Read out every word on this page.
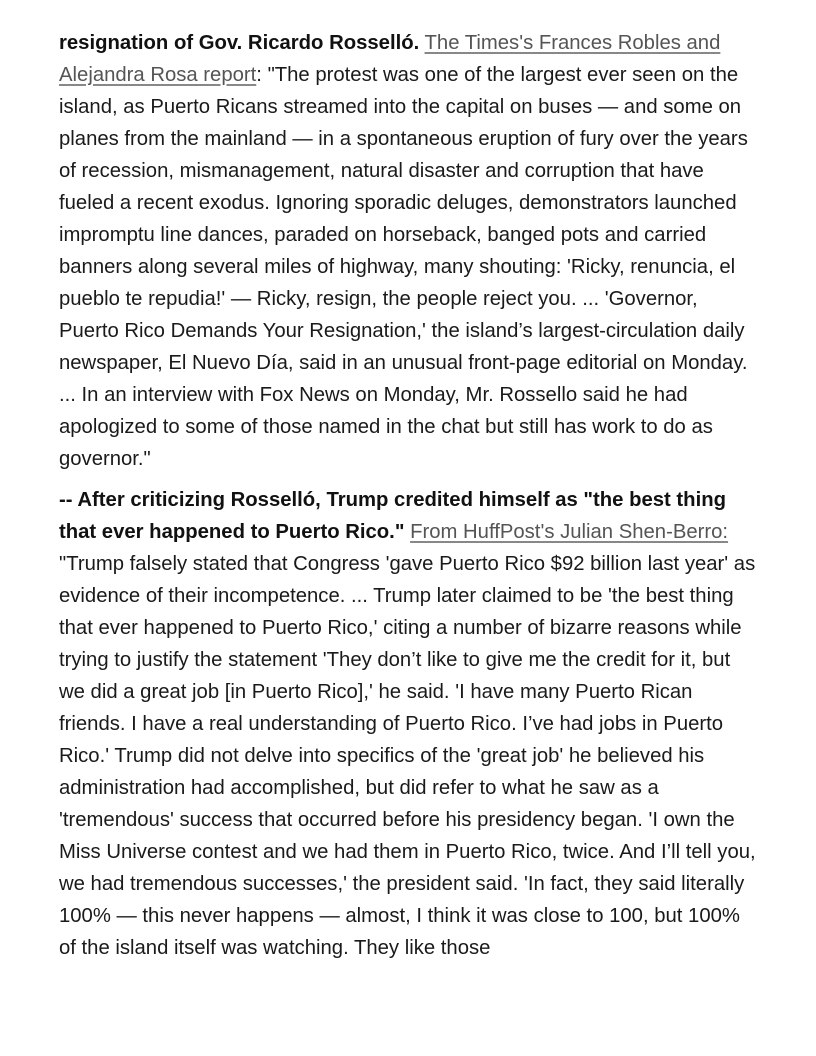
resignation of Gov. Ricardo Rosselló. The Times's Frances Robles and Alejandra Rosa report: "The protest was one of the largest ever seen on the island, as Puerto Ricans streamed into the capital on buses — and some on planes from the mainland — in a spontaneous eruption of fury over the years of recession, mismanagement, natural disaster and corruption that have fueled a recent exodus. Ignoring sporadic deluges, demonstrators launched impromptu line dances, paraded on horseback, banged pots and carried banners along several miles of highway, many shouting: 'Ricky, renuncia, el pueblo te repudia!' — Ricky, resign, the people reject you. ... 'Governor, Puerto Rico Demands Your Resignation,' the island’s largest-circulation daily newspaper, El Nuevo Día, said in an unusual front-page editorial on Monday. ... In an interview with Fox News on Monday, Mr. Rossello said he had apologized to some of those named in the chat but still has work to do as governor."

-- After criticizing Rosselló, Trump credited himself as "the best thing that ever happened to Puerto Rico." From HuffPost's Julian Shen-Berro: "Trump falsely stated that Congress 'gave Puerto Rico $92 billion last year' as evidence of their incompetence. ... Trump later claimed to be 'the best thing that ever happened to Puerto Rico,' citing a number of bizarre reasons while trying to justify the statement 'They don’t like to give me the credit for it, but we did a great job [in Puerto Rico],' he said. 'I have many Puerto Rican friends. I have a real understanding of Puerto Rico. I’ve had jobs in Puerto Rico.' Trump did not delve into specifics of the 'great job' he believed his administration had accomplished, but did refer to what he saw as a 'tremendous' success that occurred before his presidency began. 'I own the Miss Universe contest and we had them in Puerto Rico, twice. And I’ll tell you, we had tremendous successes,' the president said. 'In fact, they said literally 100% — this never happens — almost, I think it was close to 100, but 100% of the island itself was watching. They like those
